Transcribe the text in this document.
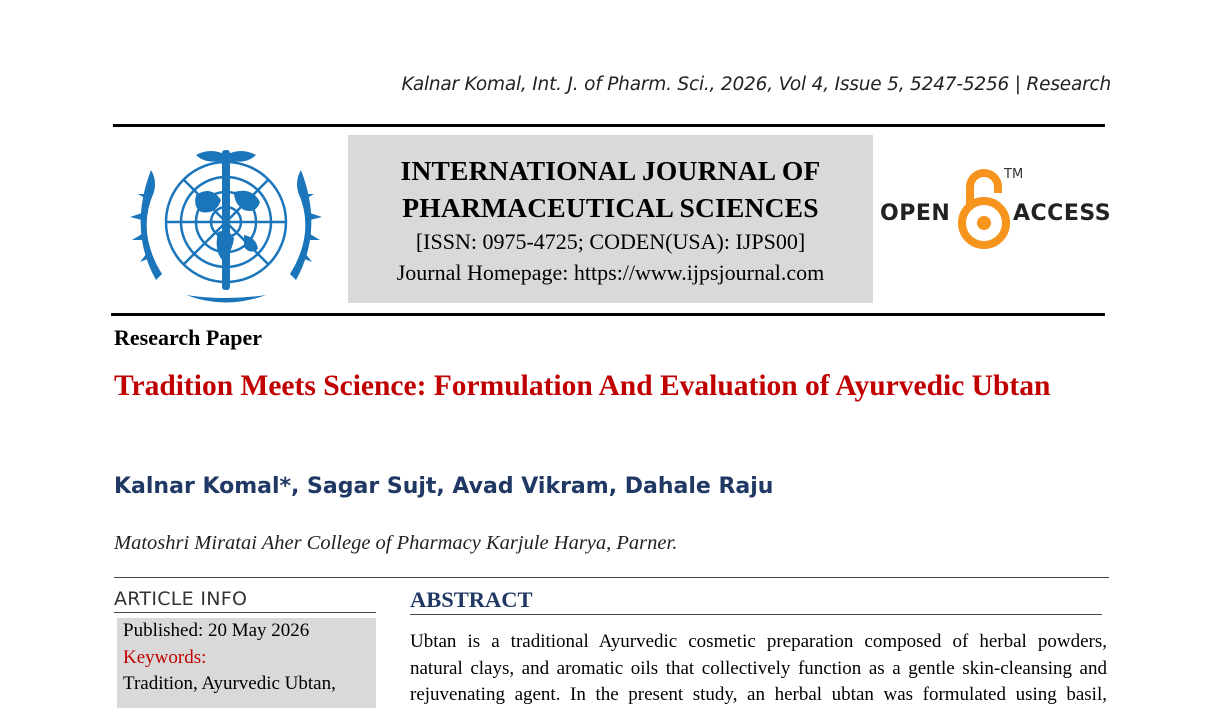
Kalnar Komal, Int. J. of Pharm. Sci., 2026, Vol 4, Issue 5, 5247-5256 | Research
INTERNATIONAL JOURNAL OF
PHARMACEUTICAL SCIENCES
[ISSN: 0975-4725; CODEN(USA): IJPS00]
Journal Homepage: https://www.ijpsjournal.com
OPEN
TM
ACCESS
Research Paper
Tradition Meets Science: Formulation And Evaluation of Ayurvedic Ubtan
Kalnar Komal*, Sagar Sujt, Avad Vikram, Dahale Raju
Matoshri Miratai Aher College of Pharmacy Karjule Harya, Parner.
ARTICLE INFO
Published: 20 May 2026
Keywords:
Tradition, Ayurvedic Ubtan,
ABSTRACT
Ubtan is a traditional Ayurvedic cosmetic preparation composed of herbal powders,
natural clays, and aromatic oils that collectively function as a gentle skin-cleansing and
rejuvenating agent. In the present study, an herbal ubtan was formulated using basil,
